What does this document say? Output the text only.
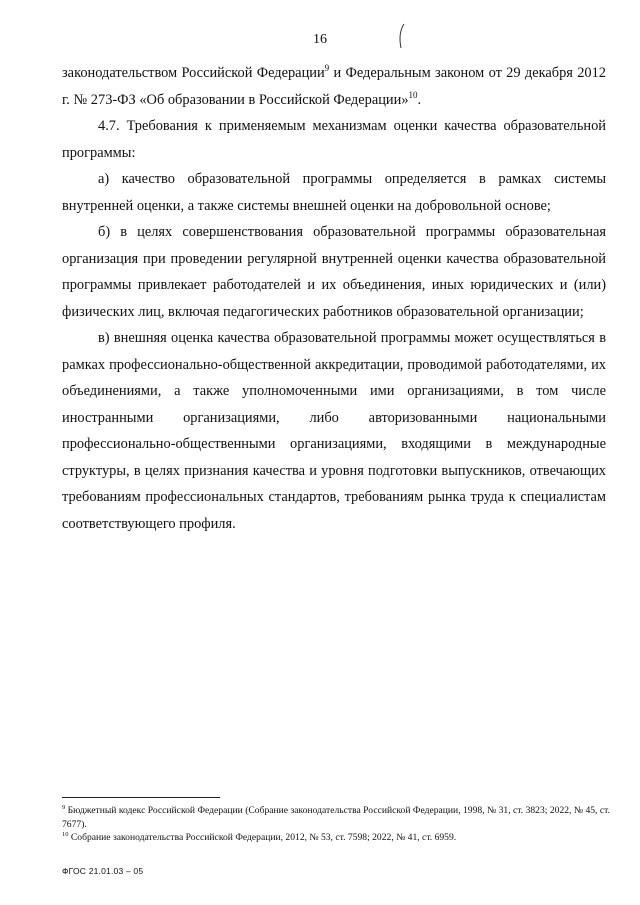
16

законодательством Российской Федерации$^9$ и Федеральным законом от 29 декабря 2012 г. № 273-ФЗ «Об образовании в Российской Федерации»$^{10}$.

4.7. Требования к применяемым механизмам оценки качества образовательной программы:

а) качество образовательной программы определяется в рамках системы внутренней оценки, а также системы внешней оценки на добровольной основе;

б) в целях совершенствования образовательной программы образовательная организация при проведении регулярной внутренней оценки качества образовательной программы привлекает работодателей и их объединения, иных юридических и (или) физических лиц, включая педагогических работников образовательной организации;

в) внешняя оценка качества образовательной программы может осуществляться в рамках профессионально-общественной аккредитации, проводимой работодателями, их объединениями, а также уполномоченными ими организациями, в том числе иностранными организациями, либо авторизованными национальными профессионально-общественными организациями, входящими в международные структуры, в целях признания качества и уровня подготовки выпускников, отвечающих требованиям профессиональных стандартов, требованиям рынка труда к специалистам соответствующего профиля.

$^9$ Бюджетный кодекс Российской Федерации (Собрание законодательства Российской Федерации, 1998, № 31, ст. 3823; 2022, № 45, ст. 7677).

$^{10}$ Собрание законодательства Российской Федерации, 2012, № 53, ст. 7598; 2022, № 41, ст. 6959.

ФГОС 21.01.03 – 05
